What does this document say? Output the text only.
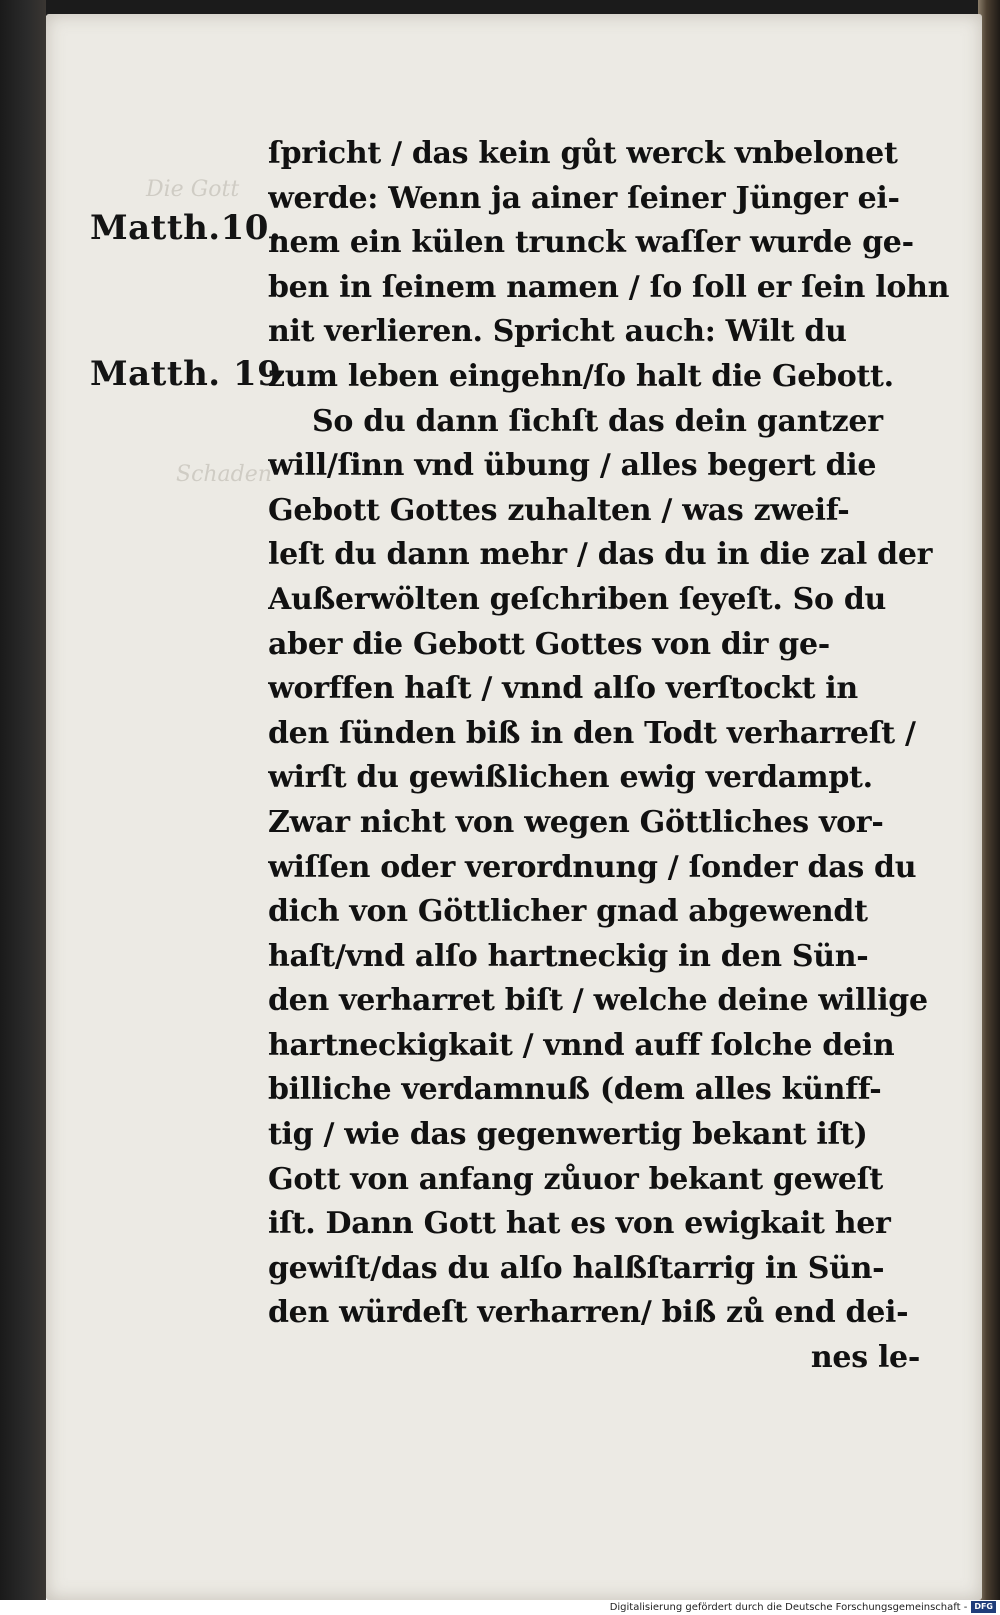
Die Gott
Schaden
Matth.10.
Matth. 19
ſpricht / das kein gůt werck vnbelonet
werde: Wenn ja ainer ſeiner Jünger ei-
nem ein külen trunck waſſer wurde ge-
ben in ſeinem namen / ſo ſoll er ſein lohn
nit verlieren. Spricht auch: Wilt du
zum leben eingehn/ſo halt die Gebott.
So du dann ſichſt das dein gantzer
will/ſinn vnd übung / alles begert die
Gebott Gottes zuhalten / was zweif-
leſt du dann mehr / das du in die zal der
Außerwölten geſchriben ſeyeſt. So du
aber die Gebott Gottes von dir ge-
worffen haſt / vnnd alſo verſtockt in
den ſünden biß in den Todt verharreſt /
wirſt du gewißlichen ewig verdampt.
Zwar nicht von wegen Göttliches vor-
wiſſen oder verordnung / ſonder das du
dich von Göttlicher gnad abgewendt
haſt/vnd alſo hartneckig in den Sün-
den verharret biſt / welche deine willige
hartneckigkait / vnnd auff ſolche dein
billiche verdamnuß (dem alles künff-
tig / wie das gegenwertig bekant iſt)
Gott von anfang zůuor bekant geweſt
iſt. Dann Gott hat es von ewigkait her
gewiſt/das du alſo halßſtarrig in Sün-
den würdeſt verharren/ biß zů end dei-
nes le-
Digitalisierung gefördert durch die Deutsche Forschungsgemeinschaft - DFG
